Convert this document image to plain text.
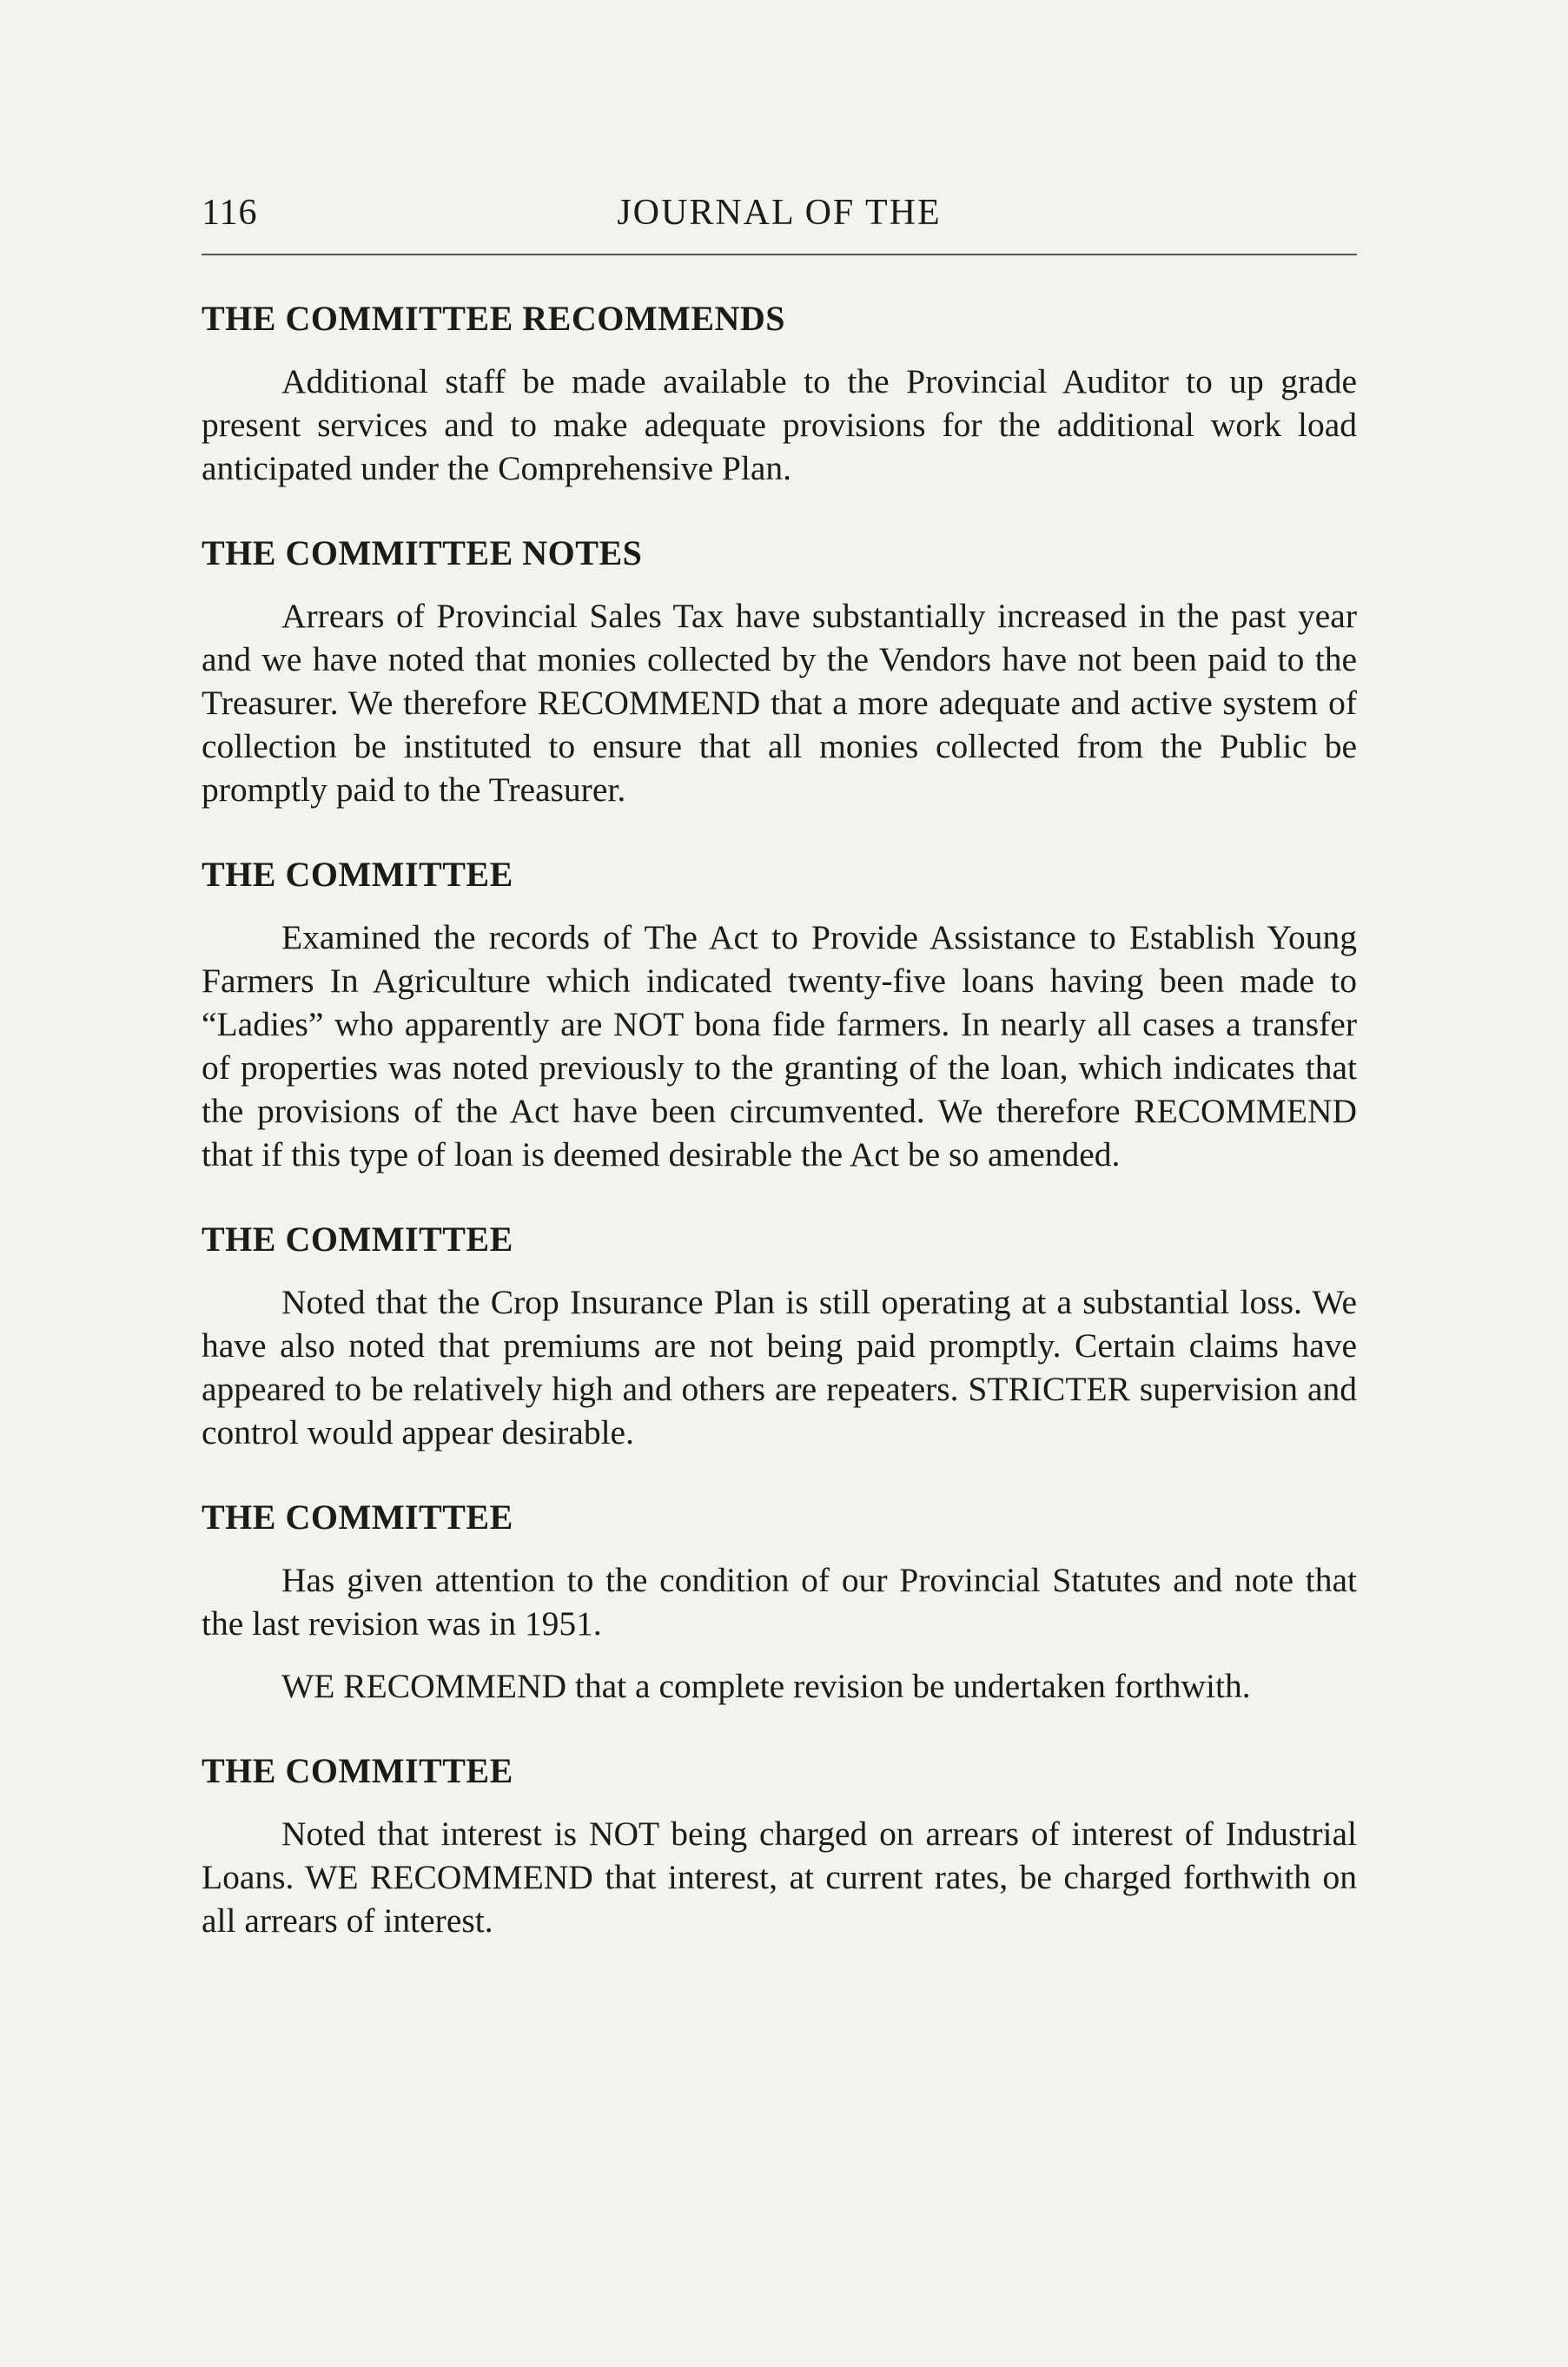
116	JOURNAL OF THE
THE COMMITTEE RECOMMENDS

Additional staff be made available to the Provincial Auditor to up grade present services and to make adequate provisions for the additional work load anticipated under the Comprehensive Plan.

THE COMMITTEE NOTES

Arrears of Provincial Sales Tax have substantially increased in the past year and we have noted that monies collected by the Vendors have not been paid to the Treasurer. We therefore RECOMMEND that a more adequate and active system of collection be instituted to ensure that all monies collected from the Public be promptly paid to the Treasurer.

THE COMMITTEE

Examined the records of The Act to Provide Assistance to Establish Young Farmers In Agriculture which indicated twenty-five loans having been made to “Ladies” who apparently are NOT bona fide farmers. In nearly all cases a transfer of properties was noted previously to the granting of the loan, which indicates that the provisions of the Act have been circumvented. We therefore RECOMMEND that if this type of loan is deemed desirable the Act be so amended.

THE COMMITTEE

Noted that the Crop Insurance Plan is still operating at a substantial loss. We have also noted that premiums are not being paid promptly. Certain claims have appeared to be relatively high and others are repeaters. STRICTER supervision and control would appear desirable.

THE COMMITTEE

Has given attention to the condition of our Provincial Statutes and note that the last revision was in 1951.

WE RECOMMEND that a complete revision be undertaken forthwith.

THE COMMITTEE

Noted that interest is NOT being charged on arrears of interest of Industrial Loans. WE RECOMMEND that interest, at current rates, be charged forthwith on all arrears of interest.
